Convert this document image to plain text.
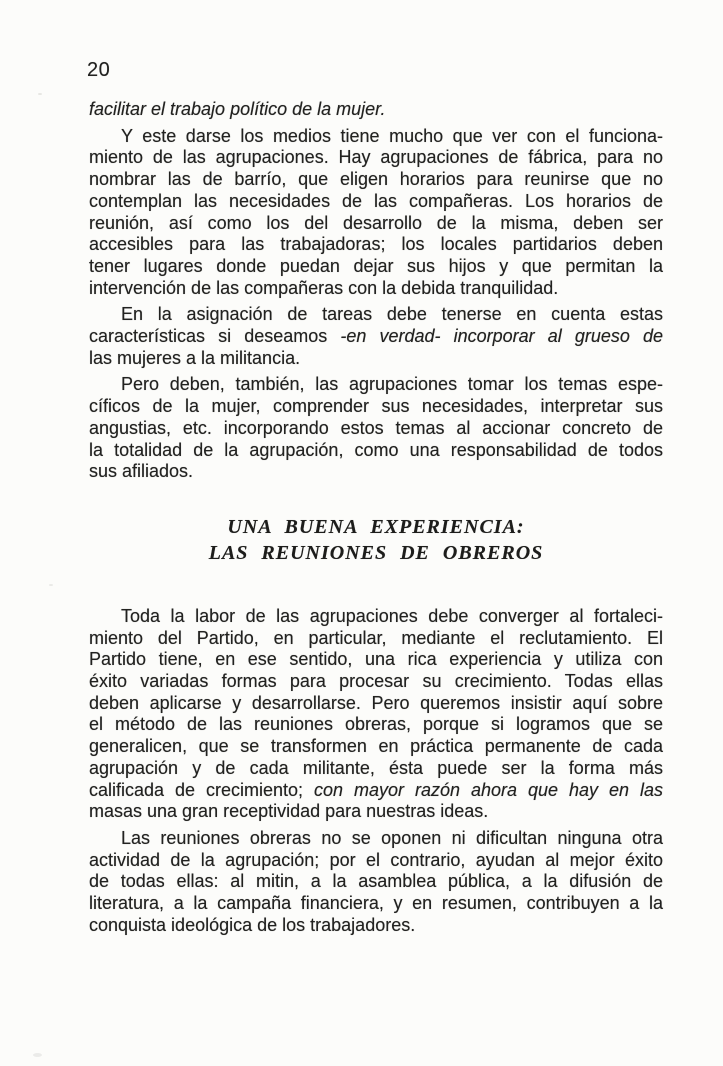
20
facilitar el trabajo político de la mujer.
Y este darse los medios tiene mucho que ver con el funciona-
miento de las agrupaciones. Hay agrupaciones de fábrica, para no
nombrar las de barrío, que eligen horarios para reunirse que no
contemplan las necesidades de las compañeras. Los horarios de
reunión, así como los del desarrollo de la misma, deben ser
accesibles para las trabajadoras; los locales partidarios deben
tener lugares donde puedan dejar sus hijos y que permitan la
intervención de las compañeras con la debida tranquilidad.
En la asignación de tareas debe tenerse en cuenta estas
características si deseamos -en verdad- incorporar al grueso de
las mujeres a la militancia.
Pero deben, también, las agrupaciones tomar los temas espe-
cíficos de la mujer, comprender sus necesidades, interpretar sus
angustias, etc. incorporando estos temas al accionar concreto de
la totalidad de la agrupación, como una responsabilidad de todos
sus afiliados.
UNA BUENA EXPERIENCIA:
LAS REUNIONES DE OBREROS
Toda la labor de las agrupaciones debe converger al fortaleci-
miento del Partido, en particular, mediante el reclutamiento. El
Partido tiene, en ese sentido, una rica experiencia y utiliza con
éxito variadas formas para procesar su crecimiento. Todas ellas
deben aplicarse y desarrollarse. Pero queremos insistir aquí sobre
el método de las reuniones obreras, porque si logramos que se
generalicen, que se transformen en práctica permanente de cada
agrupación y de cada militante, ésta puede ser la forma más
calificada de crecimiento; con mayor razón ahora que hay en las
masas una gran receptividad para nuestras ideas.
Las reuniones obreras no se oponen ni dificultan ninguna otra
actividad de la agrupación; por el contrario, ayudan al mejor éxito
de todas ellas: al mitin, a la asamblea pública, a la difusión de
literatura, a la campaña financiera, y en resumen, contribuyen a la
conquista ideológica de los trabajadores.
